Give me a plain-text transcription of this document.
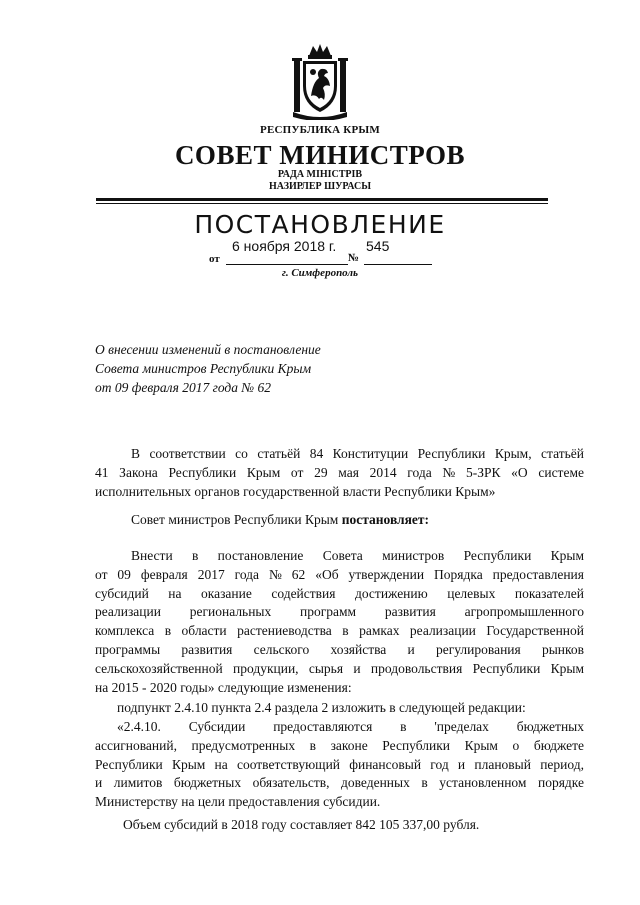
РЕСПУБЛИКА КРЫМ
СОВЕТ МИНИСТРОВ
РАДА МІНІСТРІВ
НАЗИРЛЕР ШУРАСЫ
ПОСТАНОВЛЕНИЕ
6 ноября 2018 г. 545
от	№
г. Симферополь
О внесении изменений в постановление
Совета министров Республики Крым
от 09 февраля 2017 года № 62
В соответствии со статьёй 84 Конституции Республики Крым, статьёй
41 Закона Республики Крым от 29 мая 2014 года № 5-ЗРК «О системе
исполнительных органов государственной власти Республики Крым»
Совет министров Республики Крым постановляет:
Внести в постановление Совета министров Республики Крым
от 09 февраля 2017 года № 62 «Об утверждении Порядка предоставления
субсидий на оказание содействия достижению целевых показателей
реализации региональных программ развития агропромышленного
комплекса в области растениеводства в рамках реализации Государственной
программы развития сельского хозяйства и регулирования рынков
сельскохозяйственной продукции, сырья и продовольствия Республики Крым
на 2015 - 2020 годы» следующие изменения:
подпункт 2.4.10 пункта 2.4 раздела 2 изложить в следующей редакции:
«2.4.10. Субсидии предоставляются в 'пределах бюджетных
ассигнований, предусмотренных в законе Республики Крым о бюджете
Республики Крым на соответствующий финансовый год и плановый период,
и лимитов бюджетных обязательств, доведенных в установленном порядке
Министерству на цели предоставления субсидии.
Объем субсидий в 2018 году составляет 842 105 337,00 рубля.
